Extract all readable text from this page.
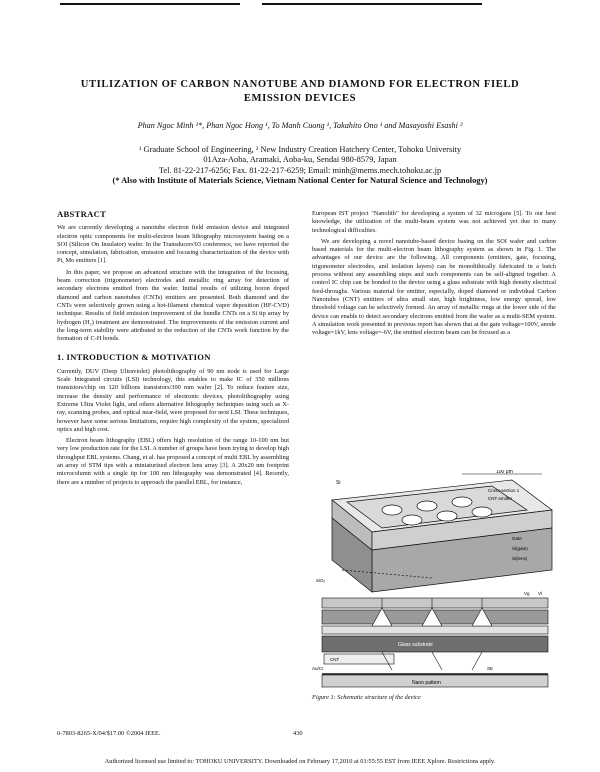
UTILIZATION OF CARBON NANOTUBE AND DIAMOND FOR ELECTRON FIELD EMISSION DEVICES
Phan Ngoc Minh ¹*, Phan Ngoc Hong ¹, To Manh Cuong ¹, Takahito Ono ¹ and Masayoshi Esashi ²
¹ Graduate School of Engineering, ² New Industry Creation Hatchery Center, Tohoku University
01Aza-Aoba, Aramaki, Aoba-ku, Sendai 980-8579, Japan
Tel. 81-22-217-6256; Fax. 81-22-217-6259; Email: minh@mems.mech.tohoku.ac.jp
(* Also with Institute of Materials Science, Vietnam National Center for Natural Science and Technology)
ABSTRACT

We are currently developing a nanotube electron field emission device and integrated electron optic components for multi-electron beam lithography microsystem basing on a SOI (Silicon On Insulator) wafer. In the Transducers'03 conference, we have reported the concept, simulation, fabrication, emission and focusing characterization of the device with Pt, Mo emitters [1].

In this paper, we propose an advanced structure with the integration of the focusing, beam correction (trigonometer) electrodes and metallic ring array for detection of secondary electrons emitted from the wafer. Initial results of utilizing boron doped diamond and carbon nanotubes (CNTs) emitters are presented. Both diamond and the CNTs were selectively grown using a hot-filament chemical vapor deposition (HF-CVD) technique. Results of field emission improvement of the bundle CNTs on a Si tip array by hydrogen (H₂) treatment are demonstrated. The improvements of the emission current and the long-term stability were attributed to the reduction of the CNTs work function by the formation of C-H bonds.

1. INTRODUCTION & MOTIVATION

Currently, DUV (Deep Ultraviolet) photolithography of 90 nm node is used for Large Scale Integrated circuits (LSI) technology, this enables to make IC of 350 millions transistors/chip on 120 billions transistors/300 mm wafer [2]. To reduce feature size, increase the density and performance of electronic devices, photolithography using Extreme Ultra Violet light, and others alternative lithography techniques using such as X-ray, scanning probes, and optical near-field, were proposed for next LSI. These techniques, however have some serious limitations, require high complexity of the system, specialized optics and high cost.

Electron beam lithography (EBL) offers high resolution of the range 10-100 nm but very low production rate for the LSI. A number of groups have been trying to develop high throughput EBL systems. Chang, et al. has proposed a concept of multi EBL by assembling an array of STM tips with a miniaturized electron lens array [3]. A 20x20 nm footprint microcolumn with a single tip for 100 nm lithography was demonstrated [4]. Recently, there are a number of projects to approach the parallel EBL, for instance,

European IST project "Nanolith" for developing a system of 32 microguns [5]. To our best knowledge, the utilization of the multi-beam system was not achieved yet due to many technological difficulties.

We are developing a novel nanotube-based device basing on the SOI wafer and carbon based materials for the multi-electron beam lithography system as shown in Fig. 1. The advantages of our device are the following. All components (emitters, gate, focusing, trigonometer electrodes, and isolation layers) can be monolithically fabricated in a batch process without any assembling steps and such components can be self-aligned together. A control IC chip can be bonded to the device using a glass substrate with high density electrical feed-throughs. Various material for emitter, especially, doped diamond or individual Carbon Nanotubes (CNT) emitters of ultra small size, high brightness, low energy spread, low threshold voltage can be selectively formed. An array of metallic rings at the lower side of the device can enable to detect secondary electrons emitted from the wafer as a multi-SEM system. A simulation work presented in previous report has shown that at the gate voltage=100V, anode voltage=1kV, lens voltage=-6V, the emitted electron beam can be focused as a

100 μm
Si
Cross-section 1
CNT emitter
Gate
Si(gate)
Si(lens)
SiO₂
Vg Vl
Glass substrate
CNT
Au/Cr	SE
Nano pattern
Figure 1: Schematic structure of the device
0-7803-8265-X/04/$17.00 ©2004 IEEE.	430
Authorized licensed use limited to: TOHOKU UNIVERSITY. Downloaded on February 17,2010 at 01:55:55 EST from IEEE Xplore. Restrictions apply.
